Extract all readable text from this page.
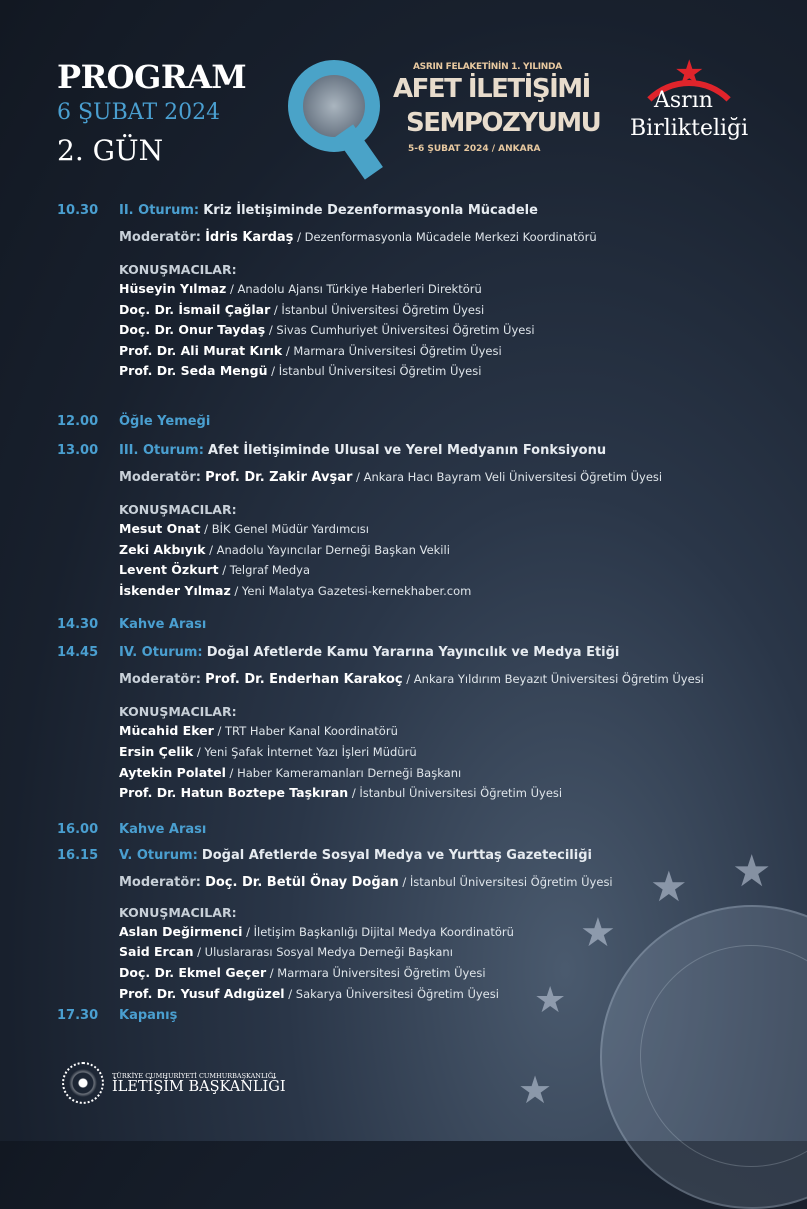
★
★
★
★
★
PROGRAM
6 ŞUBAT 2024
2. GÜN
ASRIN FELAKETİNİN 1. YILINDA
AFET İLETİŞİMİ
SEMPOZYUMU
5-6 ŞUBAT 2024 / ANKARA
★
Asrın
Birlikteliği
10.30	II. Oturum: Kriz İletişiminde Dezenformasyonla Mücadele
Moderatör: İdris Kardaş / Dezenformasyonla Mücadele Merkezi Koordinatörü
KONUŞMACILAR:
Hüseyin Yılmaz / Anadolu Ajansı Türkiye Haberleri Direktörü
Doç. Dr. İsmail Çağlar / İstanbul Üniversitesi Öğretim Üyesi
Doç. Dr. Onur Taydaş / Sivas Cumhuriyet Üniversitesi Öğretim Üyesi
Prof. Dr. Ali Murat Kırık / Marmara Üniversitesi Öğretim Üyesi
Prof. Dr. Seda Mengü / İstanbul Üniversitesi Öğretim Üyesi
12.00	Öğle Yemeği
13.00	III. Oturum: Afet İletişiminde Ulusal ve Yerel Medyanın Fonksiyonu
Moderatör: Prof. Dr. Zakir Avşar / Ankara Hacı Bayram Veli Üniversitesi Öğretim Üyesi
KONUŞMACILAR:
Mesut Onat / BİK Genel Müdür Yardımcısı
Zeki Akbıyık / Anadolu Yayıncılar Derneği Başkan Vekili
Levent Özkurt / Telgraf Medya
İskender Yılmaz / Yeni Malatya Gazetesi-kernekhaber.com
14.30	Kahve Arası
14.45	IV. Oturum: Doğal Afetlerde Kamu Yararına Yayıncılık ve Medya Etiği
Moderatör: Prof. Dr. Enderhan Karakoç / Ankara Yıldırım Beyazıt Üniversitesi Öğretim Üyesi
KONUŞMACILAR:
Mücahid Eker / TRT Haber Kanal Koordinatörü
Ersin Çelik / Yeni Şafak İnternet Yazı İşleri Müdürü
Aytekin Polatel / Haber Kameramanları Derneği Başkanı
Prof. Dr. Hatun Boztepe Taşkıran / İstanbul Üniversitesi Öğretim Üyesi
16.00	Kahve Arası
16.15	V. Oturum: Doğal Afetlerde Sosyal Medya ve Yurttaş Gazeteciliği
Moderatör: Doç. Dr. Betül Önay Doğan / İstanbul Üniversitesi Öğretim Üyesi
KONUŞMACILAR:
Aslan Değirmenci / İletişim Başkanlığı Dijital Medya Koordinatörü
Said Ercan / Uluslararası Sosyal Medya Derneği Başkanı
Doç. Dr. Ekmel Geçer / Marmara Üniversitesi Öğretim Üyesi
Prof. Dr. Yusuf Adıgüzel / Sakarya Üniversitesi Öğretim Üyesi
17.30	Kapanış
TÜRKİYE CUMHURİYETİ CUMHURBAŞKANLIĞI
İLETİŞİM BAŞKANLIĞI
